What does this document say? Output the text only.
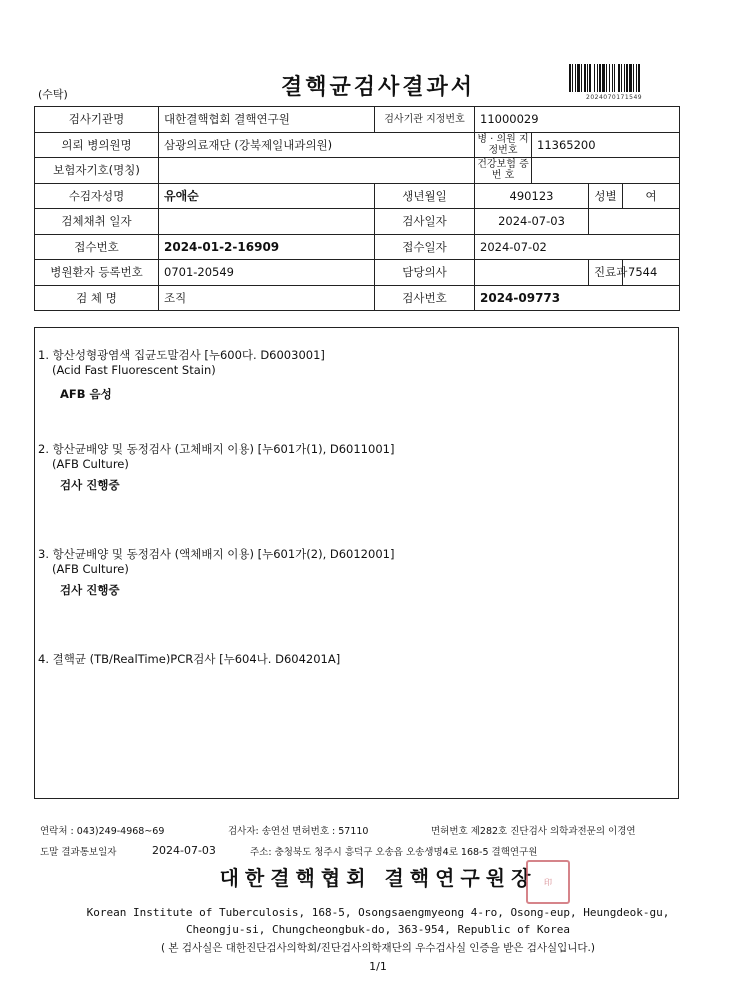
(수탁)	결핵균검사결과서	2024070171549
검사기관명	대한결핵협회 결핵연구원	검사기관 지정번호	11000029			
의뢰 병의원명	삼광의료재단 (강북제일내과의원)		병 · 의원 지정번호	11365200		
보험자기호(명칭)			건강보험 증 번 호			
수검자성명	유애순	생년월일	490123		성별	여
검체채취 일자		검사일자	2024-07-03			
접수번호	2024-01-2-16909	접수일자	2024-07-02			
병원환자 등록번호	0701-20549	담당의사			진료과	7544
검 체 명	조직	검사번호	2024-09773			
1. 항산성형광염색 집균도말검사 [누600다. D6003001]
(Acid Fast Fluorescent Stain)
AFB 음성
2. 항산균배양 및 동정검사 (고체배지 이용) [누601가(1), D6011001]
(AFB Culture)
검사 진행중
3. 항산균배양 및 동정검사 (액체배지 이용) [누601가(2), D6012001]
(AFB Culture)
검사 진행중
4. 결핵균 (TB/RealTime)PCR검사 [누604나. D604201A]
연락처 : 043)249-4968~69	검사자: 송연선 면허번호 : 57110	면허번호 제282호 진단검사 의학과전문의 이경연
도말 결과통보일자	2024-07-03	주소: 충청북도 청주시 흥덕구 오송읍 오송생명4로 168-5 결핵연구원
대한결핵협회 결핵연구원장 印
Korean Institute of Tuberculosis, 168-5, Osongsaengmyeong 4-ro, Osong-eup, Heungdeok-gu,
Cheongju-si, Chungcheongbuk-do, 363-954, Republic of Korea
( 본 검사실은 대한진단검사의학회/진단검사의학재단의 우수검사실 인증을 받은 검사실입니다.)
1/1
